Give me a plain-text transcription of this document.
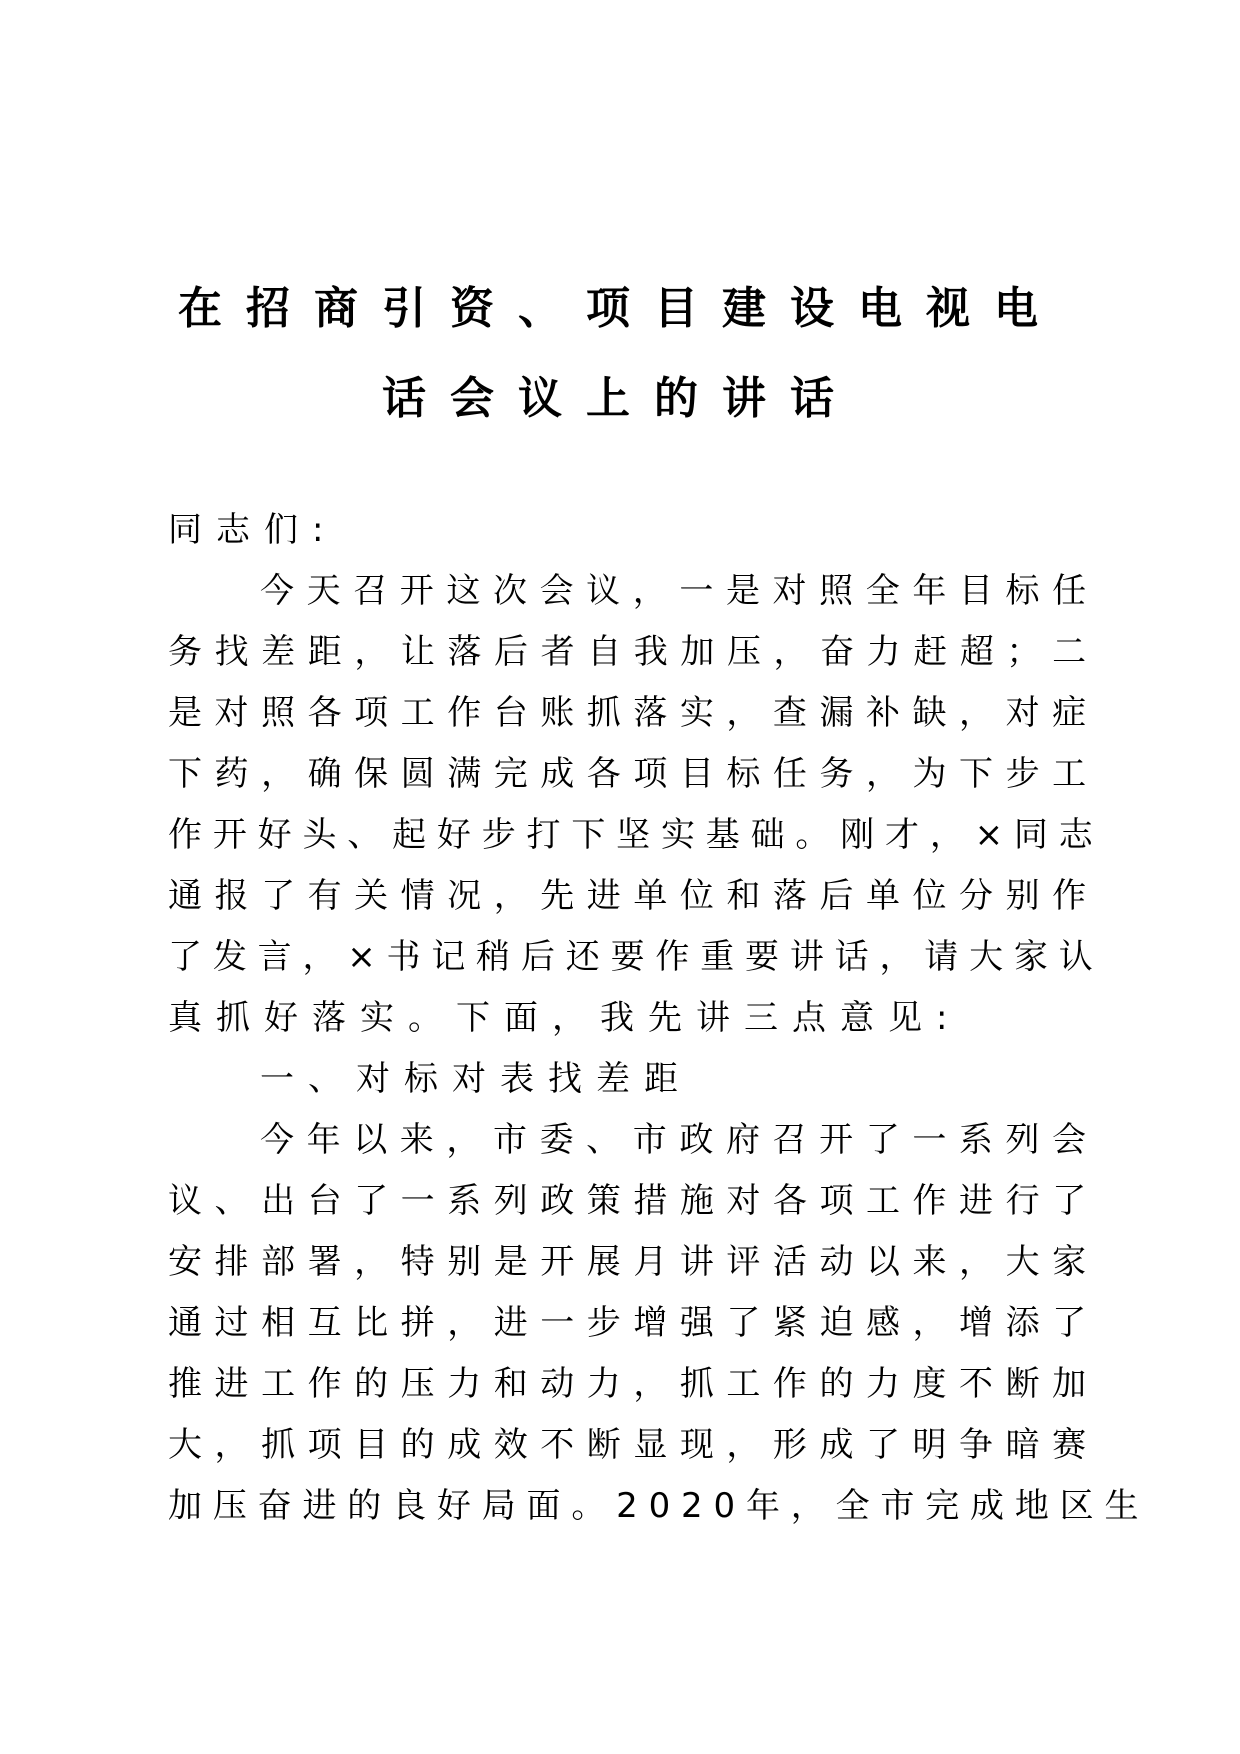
在招商引资、项目建设电视电
话会议上的讲话
同志们:
今 天 召 开 这 次 会 议 ， 一 是 对 照 全 年 目 标 任
务 找 差 距 ， 让 落 后 者 自 我 加 压 ， 奋 力 赶 超 ； 二
是 对 照 各 项 工 作 台 账 抓 落 实 ， 查 漏 补 缺 ， 对 症
下 药 ， 确 保 圆 满 完 成 各 项 目 标 任 务 ， 为 下 步 工
作 开 好 头 、 起 好 步 打 下 坚 实 基 础 。 刚 才 ， × 同 志
通 报 了 有 关 情 况 ， 先 进 单 位 和 落 后 单 位 分 别 作
了 发 言 ， × 书 记 稍 后 还 要 作 重 要 讲 话 ， 请 大 家 认
真抓好落实。下面，我先讲三点意见:
一、对标对表找差距
今 年 以 来 ， 市 委 、 市 政 府 召 开 了 一 系 列 会
议 、 出 台 了 一 系 列 政 策 措 施 对 各 项 工 作 进 行 了
安 排 部 署 ， 特 别 是 开 展 月 讲 评 活 动 以 来 ， 大 家
通 过 相 互 比 拼 ， 进 一 步 增 强 了 紧 迫 感 ， 增 添 了
推 进 工 作 的 压 力 和 动 力 ， 抓 工 作 的 力 度 不 断 加
大 ， 抓 项 目 的 成 效 不 断 显 现 ， 形 成 了 明 争 暗 赛
加 压 奋 进 的 良 好 局 面 。 2 0 2 0 年 ， 全 市 完 成 地 区 生
